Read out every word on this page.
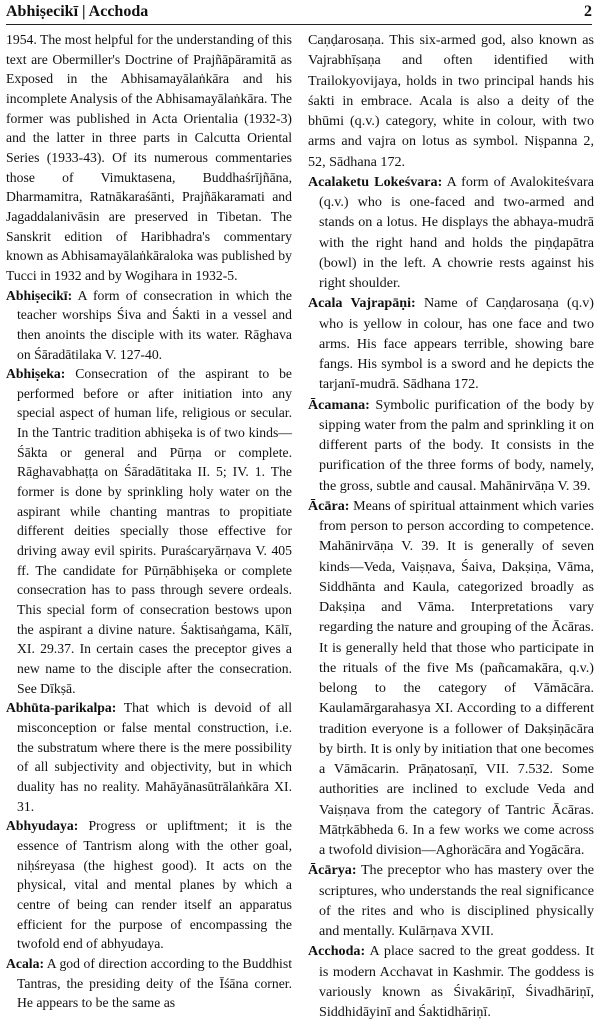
Abhiṣecikī | Acchoda	2

1954. The most helpful for the understanding of this text are Obermiller's Doctrine of Prajñāpāramitā as Exposed in the Abhisamayālaṅkāra and his incomplete Analysis of the Abhisamayālaṅkāra. The former was published in Acta Orientalia (1932-3) and the latter in three parts in Calcutta Oriental Series (1933-43). Of its numerous commentaries those of Vimuktasena, Buddhaśrījñāna, Dharmamitra, Ratnākaraśānti, Prajñākaramati and Jagaddalanivāsin are preserved in Tibetan. The Sanskrit edition of Haribhadra's commentary known as Abhisamayālaṅkāraloka was published by Tucci in 1932 and by Wogihara in 1932-5.

Abhiṣecikī: A form of consecration in which the teacher worships Śiva and Śakti in a vessel and then anoints the disciple with its water. Rāghava on Śāradātilaka V. 127-40.

Abhiṣeka: Consecration of the aspirant to be performed before or after initiation into any special aspect of human life, religious or secular. In the Tantric tradition abhiṣeka is of two kinds—Śākta or general and Pūrṇa or complete. Rāghavabhaṭṭa on Śāradātitaka II. 5; IV. 1. The former is done by sprinkling holy water on the aspirant while chanting mantras to propitiate different deities specially those effective for driving away evil spirits. Puraścaryārṇava V. 405 ff. The candidate for Pūrṇābhiṣeka or complete consecration has to pass through severe ordeals. This special form of consecration bestows upon the aspirant a divine nature. Śaktisaṅgama, Kālī, XI. 29.37. In certain cases the preceptor gives a new name to the disciple after the consecration. See Dīkṣā.

Abhūta-parikalpa: That which is devoid of all misconception or false mental construction, i.e. the substratum where there is the mere possibility of all subjectivity and objectivity, but in which duality has no reality. Mahāyānasūtrālaṅkāra XI. 31.

Abhyudaya: Progress or upliftment; it is the essence of Tantrism along with the other goal, niḥśreyasa (the highest good). It acts on the physical, vital and mental planes by which a centre of being can render itself an apparatus efficient for the purpose of encompassing the twofold end of abhyudaya.

Acala: A god of direction according to the Buddhist Tantras, the presiding deity of the Īśāna corner. He appears to be the same as

Caṇḍarosaṇa. This six-armed god, also known as Vajrabhīṣaṇa and often identified with Trailokyovijaya, holds in two principal hands his śakti in embrace. Acala is also a deity of the bhūmi (q.v.) category, white in colour, with two arms and vajra on lotus as symbol. Niṣpanna 2, 52, Sādhana 172.

Acalaketu Lokeśvara: A form of Avalokiteśvara (q.v.) who is one-faced and two-armed and stands on a lotus. He displays the abhaya-mudrā with the right hand and holds the piṇḍapātra (bowl) in the left. A chowrie rests against his right shoulder.

Acala Vajrapāṇi: Name of Caṇḍarosaṇa (q.v) who is yellow in colour, has one face and two arms. His face appears terrible, showing bare fangs. His symbol is a sword and he depicts the tarjanī-mudrā. Sādhana 172.

Ācamana: Symbolic purification of the body by sipping water from the palm and sprinkling it on different parts of the body. It consists in the purification of the three forms of body, namely, the gross, subtle and causal. Mahānirvāṇa V. 39.

Ācāra: Means of spiritual attainment which varies from person to person according to competence. Mahānirvāṇa V. 39. It is generally of seven kinds—Veda, Vaiṣṇava, Śaiva, Dakṣiṇa, Vāma, Siddhānta and Kaula, categorized broadly as Dakṣiṇa and Vāma. Interpretations vary regarding the nature and grouping of the Ācāras. It is generally held that those who participate in the rituals of the five Ms (pañcamakāra, q.v.) belong to the category of Vāmācāra. Kaulamārgarahasya XI. According to a different tradition everyone is a follower of Dakṣiṇācāra by birth. It is only by initiation that one becomes a Vāmācarin. Prāṇatosaṇī, VII. 7.532. Some authorities are inclined to exclude Veda and Vaiṣṇava from the category of Tantric Ācāras. Mātṛkābheda 6. In a few works we come across a twofold division—Aghoräcāra and Yogācāra.

Ācārya: The preceptor who has mastery over the scriptures, who understands the real significance of the rites and who is disciplined physically and mentally. Kulārṇava XVII.

Acchoda: A place sacred to the great goddess. It is modern Acchavat in Kashmir. The goddess is variously known as Śivakāriṇī, Śivadhāriṇī, Siddhidāyinī and Śaktidhāriṇī.
